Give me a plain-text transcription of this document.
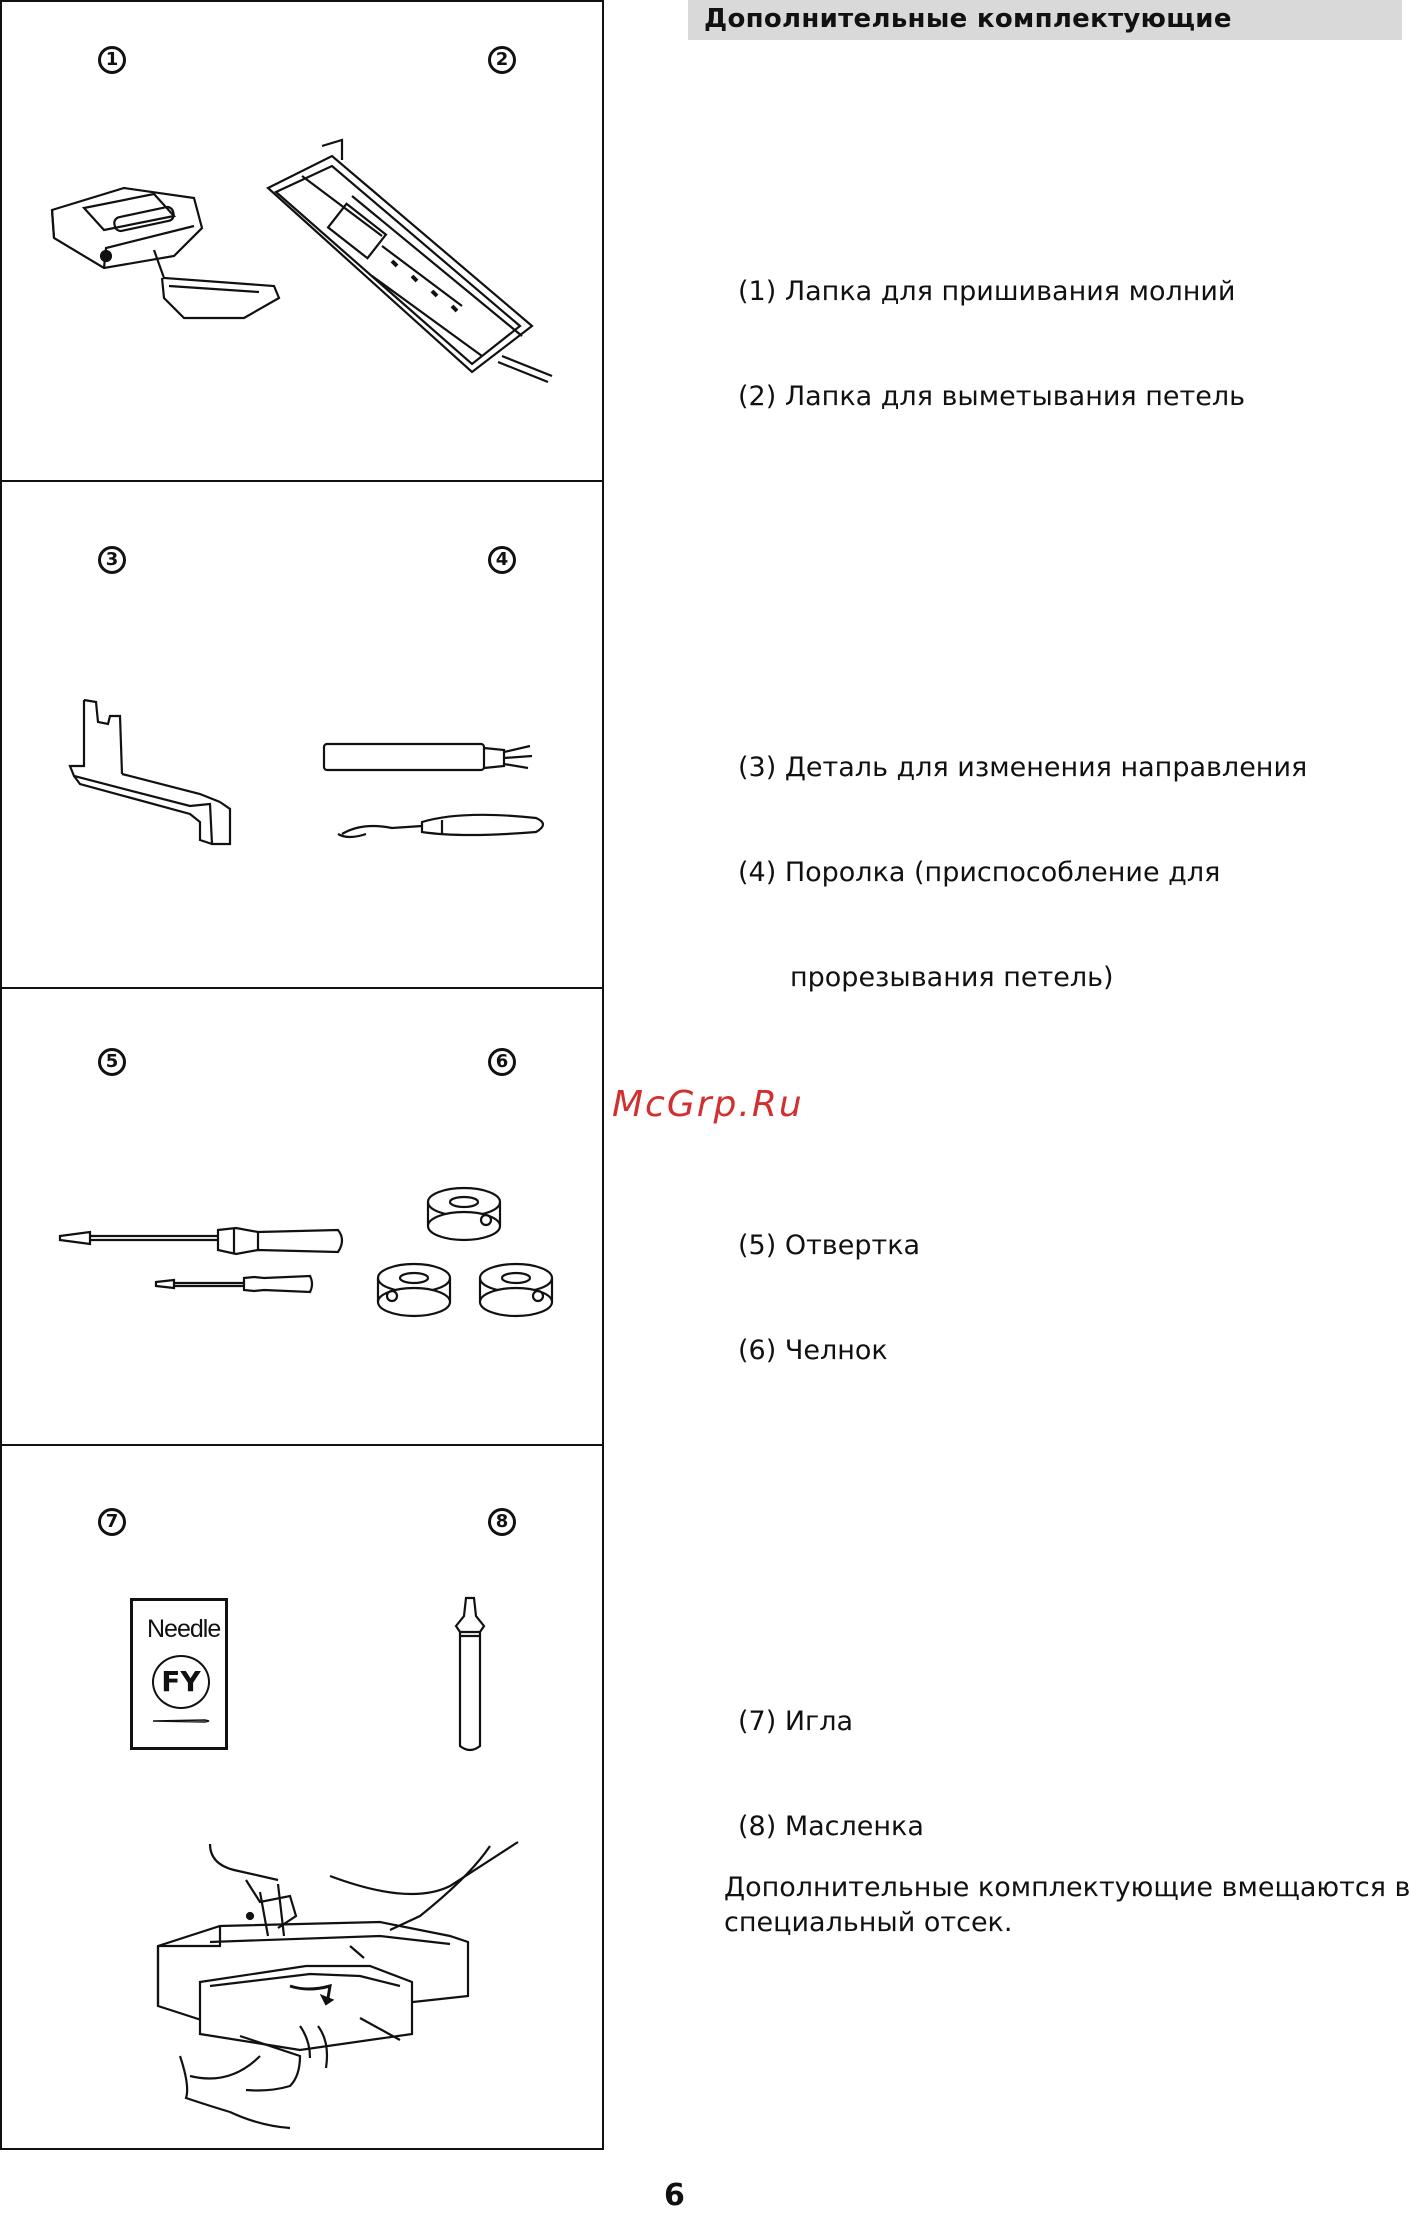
Дополнительные комплектующие
1	2
3	4
5	6
7	8
Needle
FY

(1) Лапка для пришивания молний

(2) Лапка для выметывания петель

(3) Деталь для изменения направления

(4) Поролка (приспособление для

прорезывания петель)

(5) Отвертка

(6) Челнок

(7) Игла

(8) Масленка

Дополнительные комплектующие вмещаются в специальный отсек.
McGrp.Ru
6
